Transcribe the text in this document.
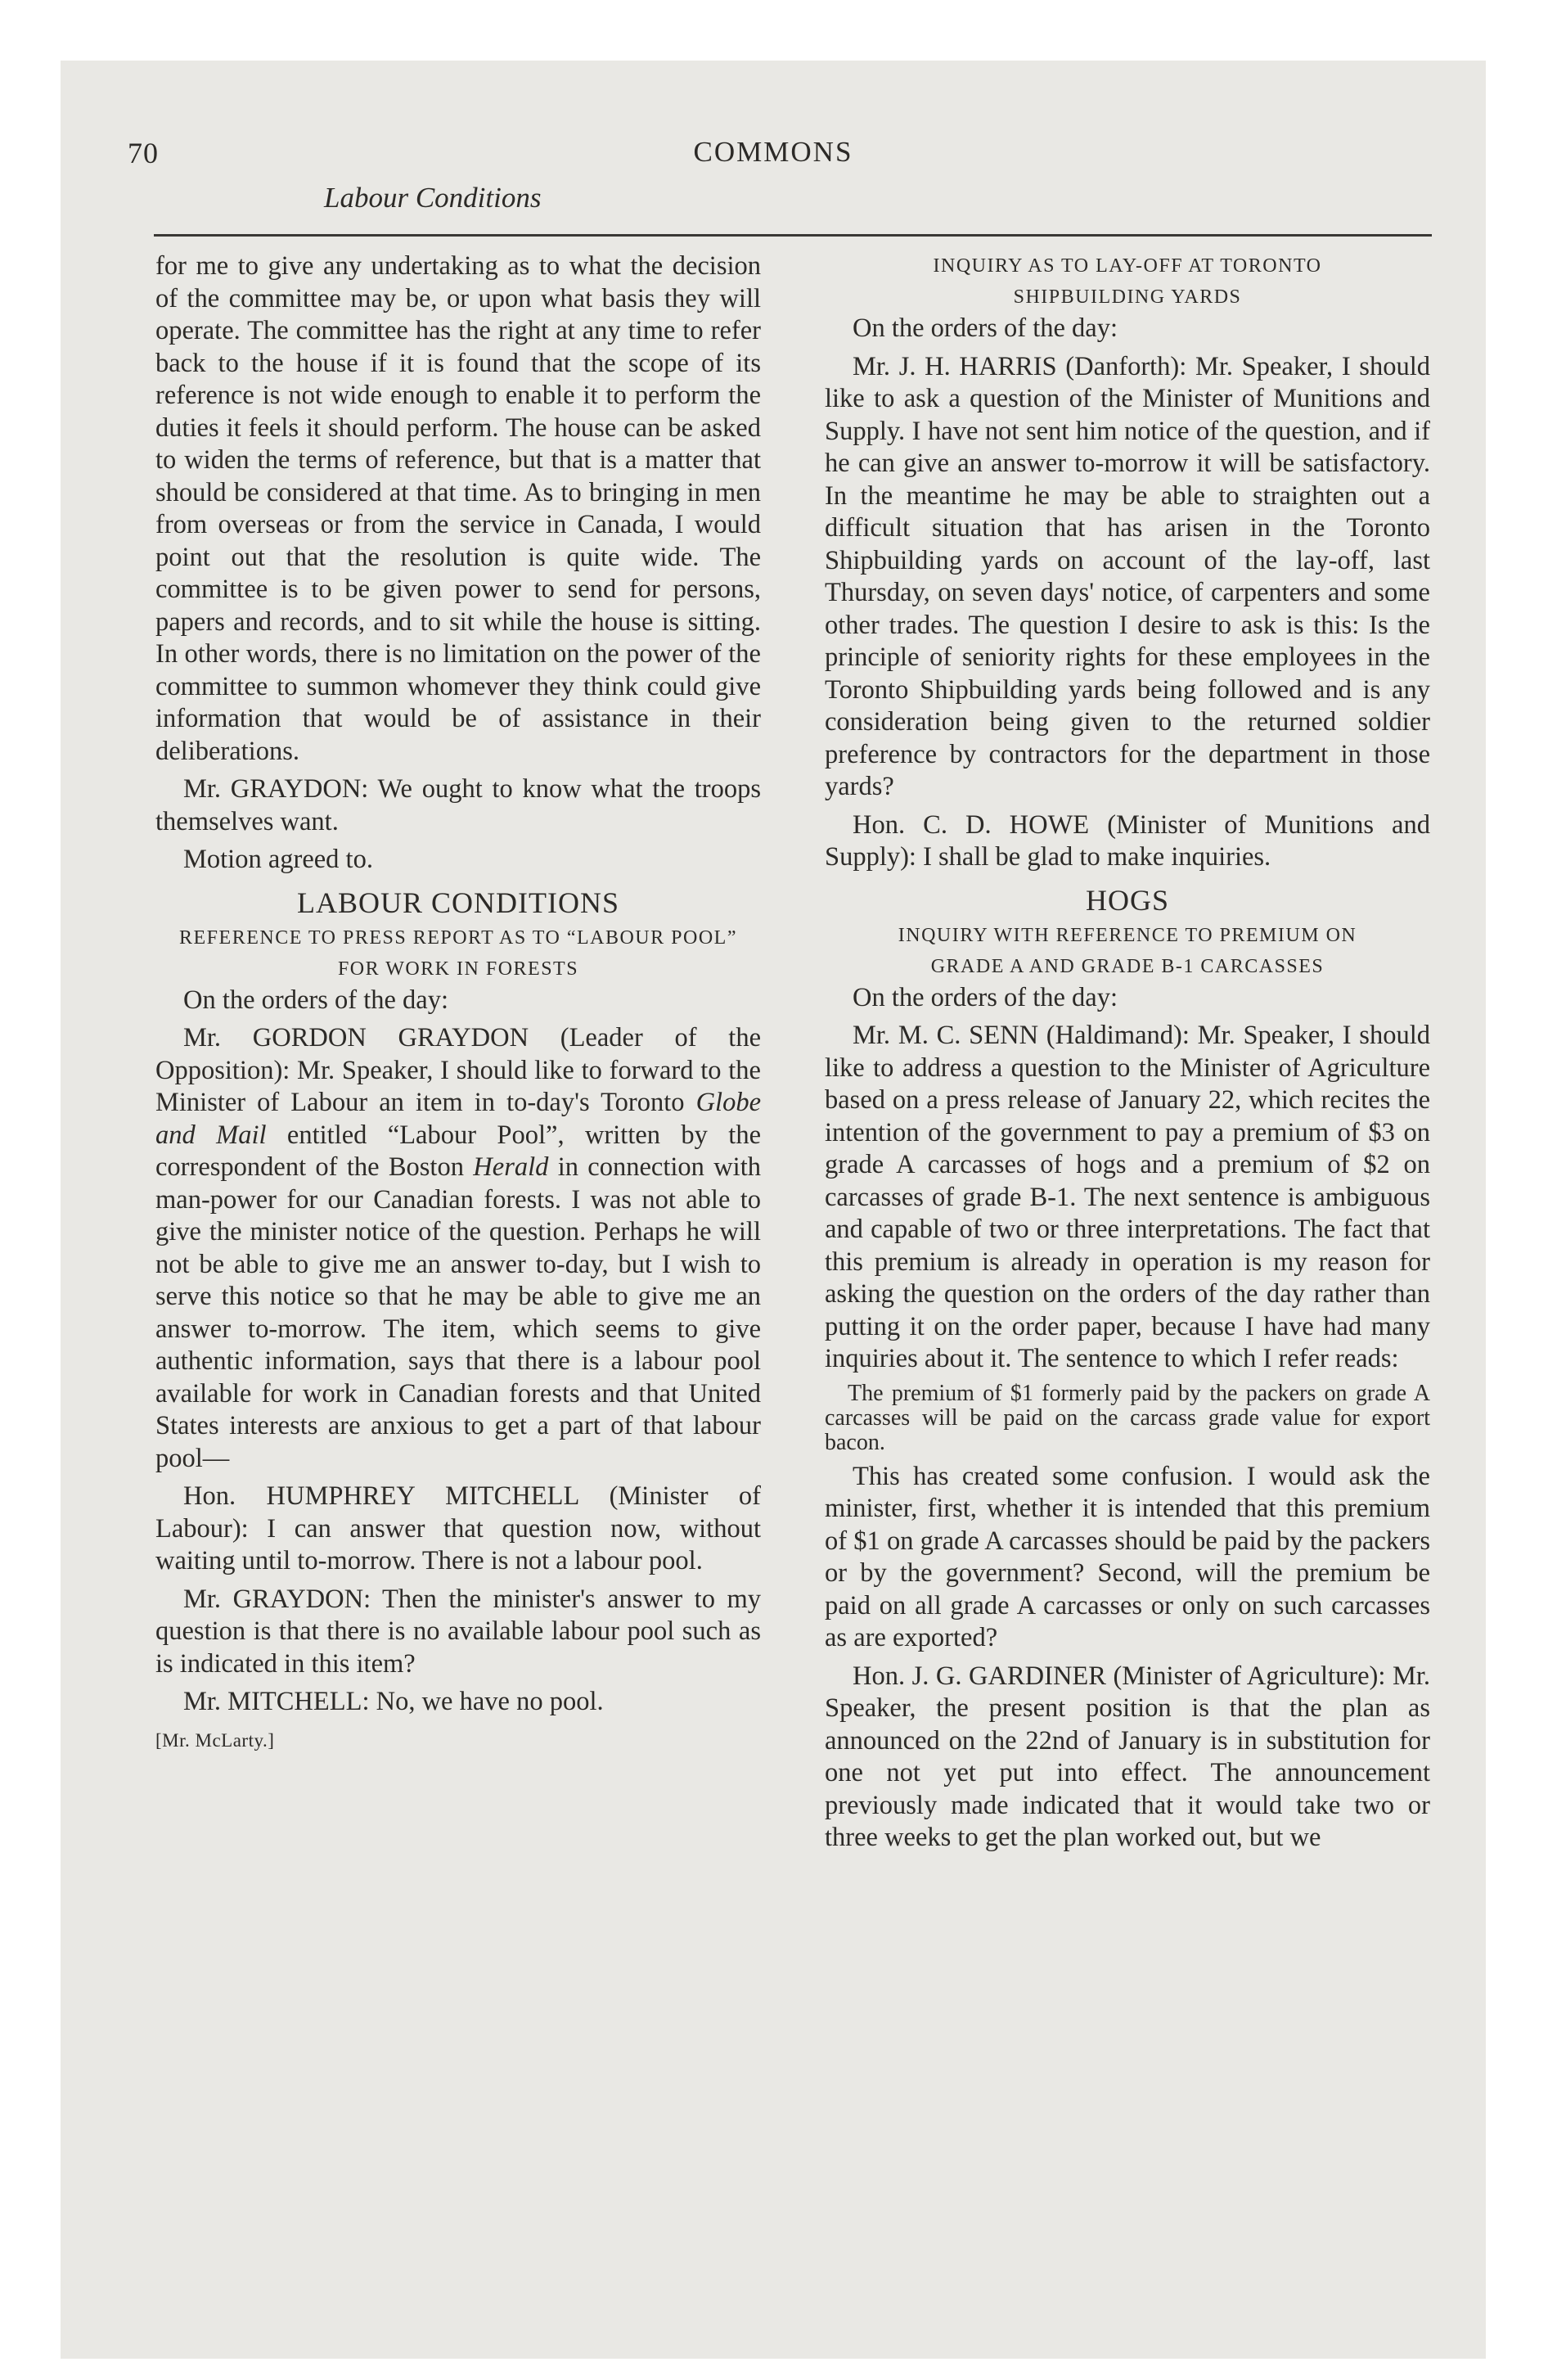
70	COMMONS
Labour Conditions

for me to give any undertaking as to what the decision of the committee may be, or upon what basis they will operate. The committee has the right at any time to refer back to the house if it is found that the scope of its reference is not wide enough to enable it to perform the duties it feels it should perform. The house can be asked to widen the terms of reference, but that is a matter that should be considered at that time. As to bringing in men from overseas or from the service in Canada, I would point out that the resolution is quite wide. The committee is to be given power to send for persons, papers and records, and to sit while the house is sitting. In other words, there is no limitation on the power of the committee to summon whomever they think could give information that would be of assistance in their deliberations.

Mr. GRAYDON: We ought to know what the troops themselves want.

Motion agreed to.

LABOUR CONDITIONS
REFERENCE TO PRESS REPORT AS TO “LABOUR POOL”
FOR WORK IN FORESTS

On the orders of the day:

Mr. GORDON GRAYDON (Leader of the Opposition): Mr. Speaker, I should like to forward to the Minister of Labour an item in to-day's Toronto Globe and Mail entitled “Labour Pool”, written by the correspondent of the Boston Herald in connection with man-power for our Canadian forests. I was not able to give the minister notice of the question. Perhaps he will not be able to give me an answer to-day, but I wish to serve this notice so that he may be able to give me an answer to-morrow. The item, which seems to give authentic information, says that there is a labour pool available for work in Canadian forests and that United States interests are anxious to get a part of that labour pool—

Hon. HUMPHREY MITCHELL (Minister of Labour): I can answer that question now, without waiting until to-morrow. There is not a labour pool.

Mr. GRAYDON: Then the minister's answer to my question is that there is no available labour pool such as is indicated in this item?

Mr. MITCHELL: No, we have no pool.

[Mr. McLarty.]
INQUIRY AS TO LAY-OFF AT TORONTO
SHIPBUILDING YARDS

On the orders of the day:

Mr. J. H. HARRIS (Danforth): Mr. Speaker, I should like to ask a question of the Minister of Munitions and Supply. I have not sent him notice of the question, and if he can give an answer to-morrow it will be satisfactory. In the meantime he may be able to straighten out a difficult situation that has arisen in the Toronto Shipbuilding yards on account of the lay-off, last Thursday, on seven days' notice, of carpenters and some other trades. The question I desire to ask is this: Is the principle of seniority rights for these employees in the Toronto Shipbuilding yards being followed and is any consideration being given to the returned soldier preference by contractors for the department in those yards?

Hon. C. D. HOWE (Minister of Munitions and Supply): I shall be glad to make inquiries.

HOGS
INQUIRY WITH REFERENCE TO PREMIUM ON
GRADE A AND GRADE B-1 CARCASSES

On the orders of the day:

Mr. M. C. SENN (Haldimand): Mr. Speaker, I should like to address a question to the Minister of Agriculture based on a press release of January 22, which recites the intention of the government to pay a premium of $3 on grade A carcasses of hogs and a premium of $2 on carcasses of grade B-1. The next sentence is ambiguous and capable of two or three interpretations. The fact that this premium is already in operation is my reason for asking the question on the orders of the day rather than putting it on the order paper, because I have had many inquiries about it. The sentence to which I refer reads:

The premium of $1 formerly paid by the packers on grade A carcasses will be paid on the carcass grade value for export bacon.

This has created some confusion. I would ask the minister, first, whether it is intended that this premium of $1 on grade A carcasses should be paid by the packers or by the government? Second, will the premium be paid on all grade A carcasses or only on such carcasses as are exported?

Hon. J. G. GARDINER (Minister of Agriculture): Mr. Speaker, the present position is that the plan as announced on the 22nd of January is in substitution for one not yet put into effect. The announcement previously made indicated that it would take two or three weeks to get the plan worked out, but we
